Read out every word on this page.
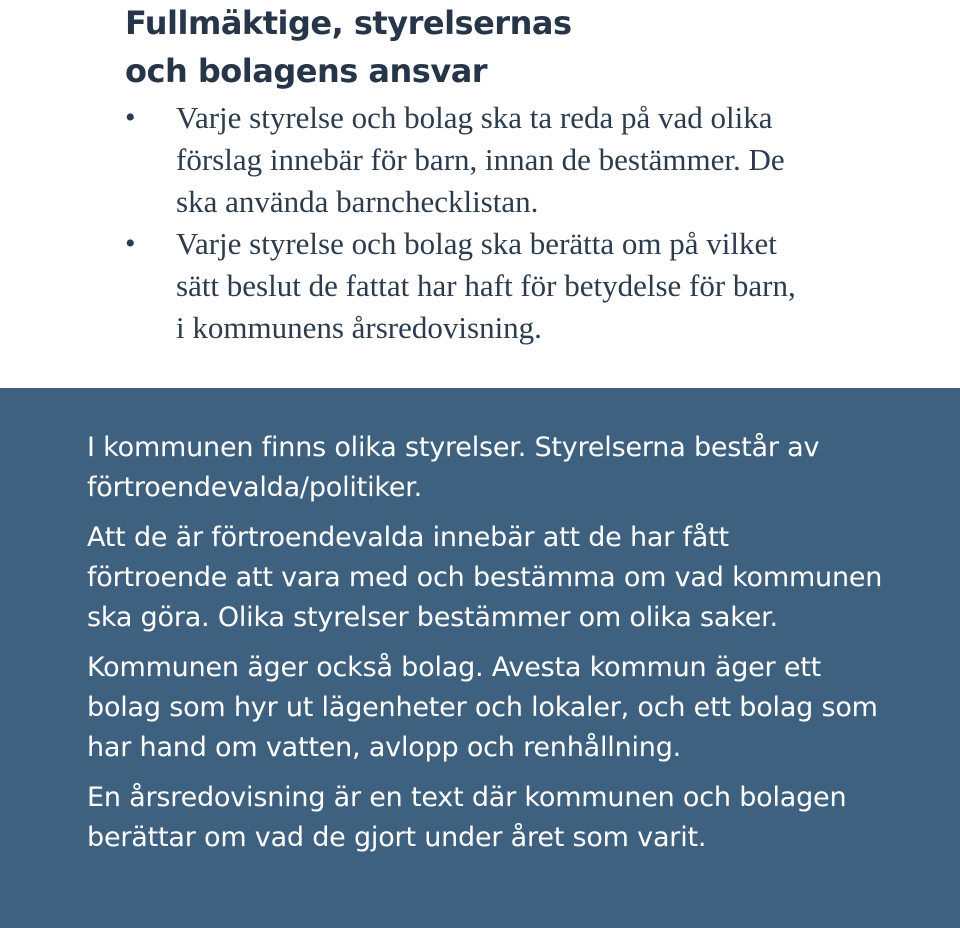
Fullmäktige, styrelsernas
och bolagens ansvar
•	Varje styrelse och bolag ska ta reda på vad olika
förslag innebär för barn, innan de bestämmer. De
ska använda barnchecklistan.
•	Varje styrelse och bolag ska berätta om på vilket
sätt beslut de fattat har haft för betydelse för barn,
i kommunens årsredovisning.

I kommunen finns olika styrelser. Styrelserna består av
förtroendevalda/politiker.

Att de är förtroendevalda innebär att de har fått
förtroende att vara med och bestämma om vad kommunen
ska göra. Olika styrelser bestämmer om olika saker.

Kommunen äger också bolag. Avesta kommun äger ett
bolag som hyr ut lägenheter och lokaler, och ett bolag som
har hand om vatten, avlopp och renhållning.

En årsredovisning är en text där kommunen och bolagen
berättar om vad de gjort under året som varit.
